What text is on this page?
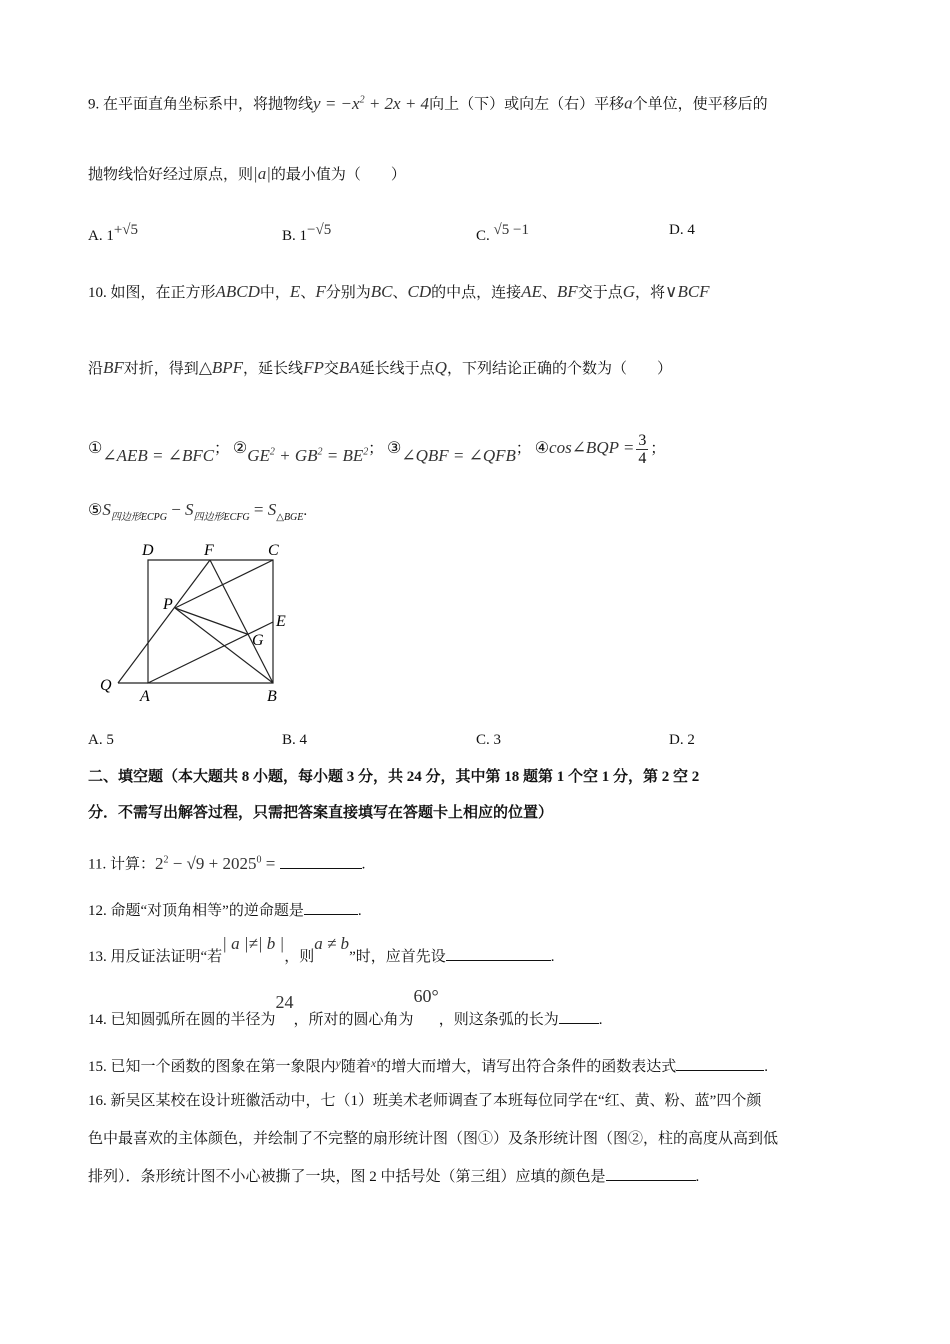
9. 在平面直角坐标系中，将抛物线$y = -x^2 + 2x + 4$向上（下）或向左（右）平移a个单位，使平移后的
抛物线恰好经过原点，则|a|的最小值为（　　）
A. $1^{+√5}$	B. $1^{-√5}$	C. $^{√5 -1}$	D. 4
10. 如图，在正方形ABCD中，E、F分别为BC、CD的中点，连接AE、BF交于点G，将∨BCF
沿BF对折，得到△BPF，延长线FP交BA延长线于点Q，下列结论正确的个数为（　　）
①∠AEB = ∠BFC； $②GE^2 + GB^2 = BE^2$； ③∠QBF = ∠QFB； ④cos∠BQP = $\frac{3}{4}$ ；
$⑤S_{四边形ECPG} - S_{四边形ECFG} = S_{\triangle BGE}$.
D	F	C
P
E
G
Q
A	B
A. 5	B. 4	C. 3	D. 2
二、填空题（本大题共 8 小题，每小题 3 分，共 24 分，其中第 18 题第 1 个空 1 分，第 2 空 2
分．不需写出解答过程，只需把答案直接填写在答题卡上相应的位置）
11. 计算：$2^2 - √9 + 2025^0$ =	.
12. 命题“对顶角相等”的逆命题是	.
13. 用反证法证明“若| a |≠| b |，则a ≠ b”时，应首先设	.
14. 已知圆弧所在圆的半径为24，所对的圆心角为60°，则这条弧的长为	.
15. 已知一个函数的图象在第一象限内$^y$随着$^x$的增大而增大，请写出符合条件的函数表达式	.
16. 新吴区某校在设计班徽活动中，七（1）班美术老师调查了本班每位同学在“红、黄、粉、蓝”四个颜
色中最喜欢的主体颜色，并绘制了不完整的扇形统计图（图①）及条形统计图（图②，柱的高度从高到低
排列）．条形统计图不小心被撕了一块，图 2 中括号处（第三组）应填的颜色是	.
